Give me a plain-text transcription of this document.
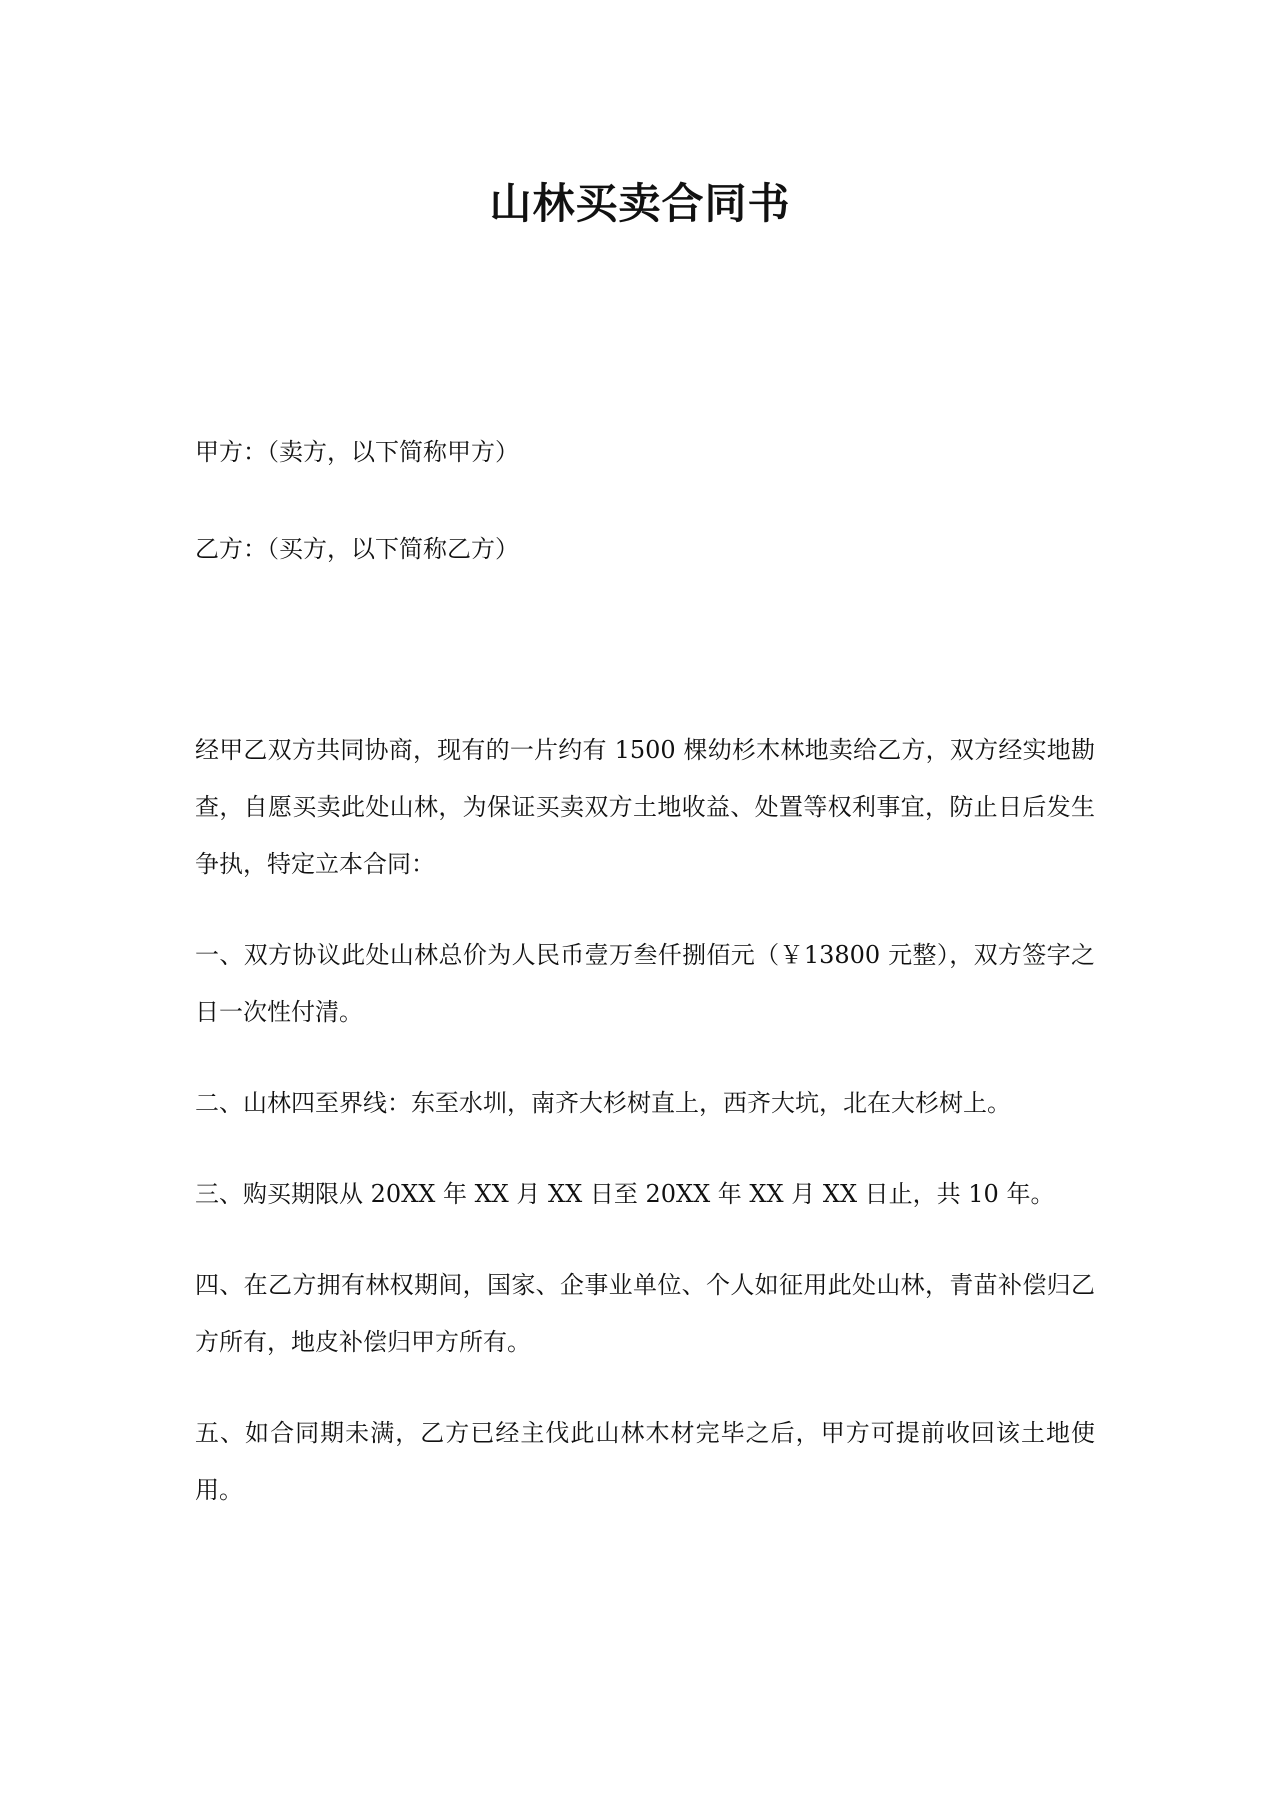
山林买卖合同书

甲方：（卖方，以下简称甲方）

乙方：（买方，以下简称乙方）

经甲乙双方共同协商，现有的一片约有 1500 棵幼杉木林地卖给乙方，双方经实地勘查，自愿买卖此处山林，为保证买卖双方土地收益、处置等权利事宜，防止日后发生争执，特定立本合同：

一、双方协议此处山林总价为人民币壹万叁仟捌佰元（￥13800 元整），双方签字之日一次性付清。

二、山林四至界线：东至水圳，南齐大杉树直上，西齐大坑，北在大杉树上。

三、购买期限从 20XX 年 XX 月 XX 日至 20XX 年 XX 月 XX 日止，共 10 年。

四、在乙方拥有林权期间，国家、企事业单位、个人如征用此处山林，青苗补偿归乙方所有，地皮补偿归甲方所有。

五、如合同期未满，乙方已经主伐此山林木材完毕之后，甲方可提前收回该土地使用。
